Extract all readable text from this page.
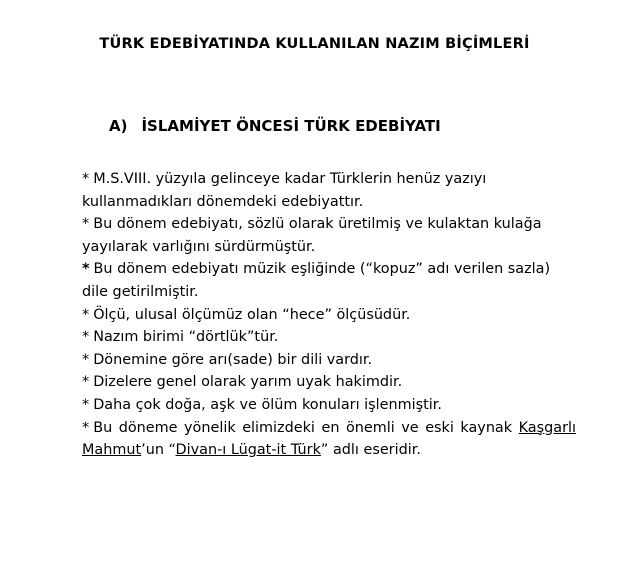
TÜRK EDEBİYATINDA KULLANILAN NAZIM BİÇİMLERİ
A) İSLAMİYET ÖNCESİ TÜRK EDEBİYATI

* M.S.VIII. yüzyıla gelinceye kadar Türklerin henüz yazıyı kullanmadıkları dönemdeki edebiyattır.

* Bu dönem edebiyatı, sözlü olarak üretilmiş ve kulaktan kulağa yayılarak varlığını sürdürmüştür.

* Bu dönem edebiyatı müzik eşliğinde (“kopuz” adı verilen sazla) dile getirilmiştir.

* Ölçü, ulusal ölçümüz olan “hece” ölçüsüdür.

* Nazım birimi “dörtlük”tür.

* Dönemine göre arı(sade) bir dili vardır.

* Dizelere genel olarak yarım uyak hakimdir.

* Daha çok doğa, aşk ve ölüm konuları işlenmiştir.

* Bu döneme yönelik elimizdeki en önemli ve eski kaynak Kaşgarlı Mahmut’un “Divan-ı Lügat-it Türk” adlı eseridir.
